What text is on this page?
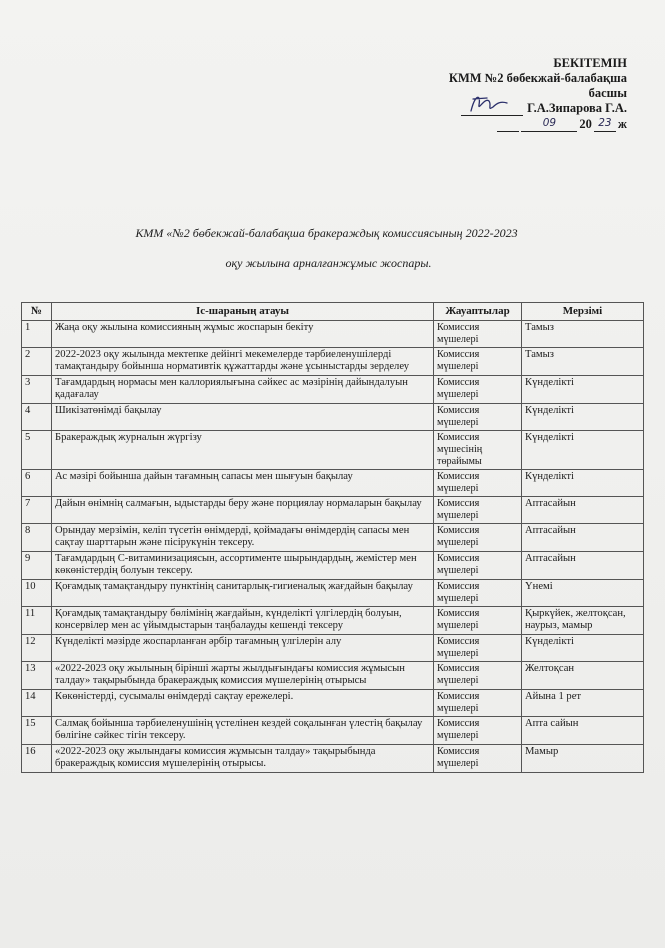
БЕКІТЕМІН
КММ №2 бөбекжай-балабақша
басшы
Г.А.Зипарова Г.А.
09	20 23 ж
КММ «№2 бөбекжай-балабақша бракераждық комиссиясының 2022-2023
оқу жылына арналғанжұмыс жоспары.
№	Іс-шараның атауы	Жауаптылар	Мерзімі
1	Жаңа оқу жылына комиссияның жұмыс жоспарын бекіту	Комиссия мүшелері	Тамыз
2	2022-2023 оқу жылында мектепке дейінгі мекемелерде тәрбиеленушілерді тамақтандыру бойынша нормативтік құжаттарды және ұсыныстарды зерделеу	Комиссия мүшелері	Тамыз
3	Тағамдардың нормасы мен каллориялығына сәйкес ас мәзірінің дайындалуын қадағалау	Комиссия мүшелері	Күнделікті
4	Шикізатөнімді бақылау	Комиссия мүшелері	Күнделікті
5	Бракераждық журналын жүргізу	Комиссия мүшесінің төрайымы	Күнделікті
6	Ас мәзірі бойынша дайын тағамның сапасы мен шығуын бақылау	Комиссия мүшелері	Күнделікті
7	Дайын өнімнің салмағын, ыдыстарды беру және порциялау нормаларын бақылау	Комиссия мүшелері	Аптасайын
8	Орындау мерзімін, келіп түсетін өнімдерді, қоймадағы өнімдердің сапасы мен сақтау шарттарын және пісірукүнін тексеру.	Комиссия мүшелері	Аптасайын
9	Тағамдардың С-витаминизациясын, ассортименте шырындардың, жемістер мен көкөністердің болуын тексеру.	Комиссия мүшелері	Аптасайын
10	Қоғамдық тамақтандыру пунктінің санитарлық-гигиеналық жағдайын бақылау	Комиссия мүшелері	Үнемі
11	Қоғамдық тамақтандыру бөлімінің жағдайын, күнделікті үлгілердің болуын, консервілер мен ас үйымдыстарын таңбалауды кешенді тексеру	Комиссия мүшелері	Қыркүйек, желтоқсан, наурыз, мамыр
12	Күнделікті мәзірде жоспарланған әрбір тағамның үлгілерін алу	Комиссия мүшелері	Күнделікті
13	«2022-2023 оқу жылының бірінші жарты жылдығындағы комиссия жұмысын талдау» тақырыбында бракераждық комиссия мүшелерінің отырысы	Комиссия мүшелері	Желтоқсан
14	Көкөністерді, сусымалы өнімдерді сақтау ережелері.	Комиссия мүшелері	Айына 1 рет
15	Салмақ бойынша тәрбиеленушінің үстелінен кездей соқалынған үлестің бақылау бөлігіне сәйкес тігін тексеру.	Комиссия мүшелері	Апта сайын
16	«2022-2023 оқу жылындағы комиссия жұмысын талдау» тақырыбында бракераждық комиссия мүшелерінің отырысы.	Комиссия мүшелері	Мамыр
